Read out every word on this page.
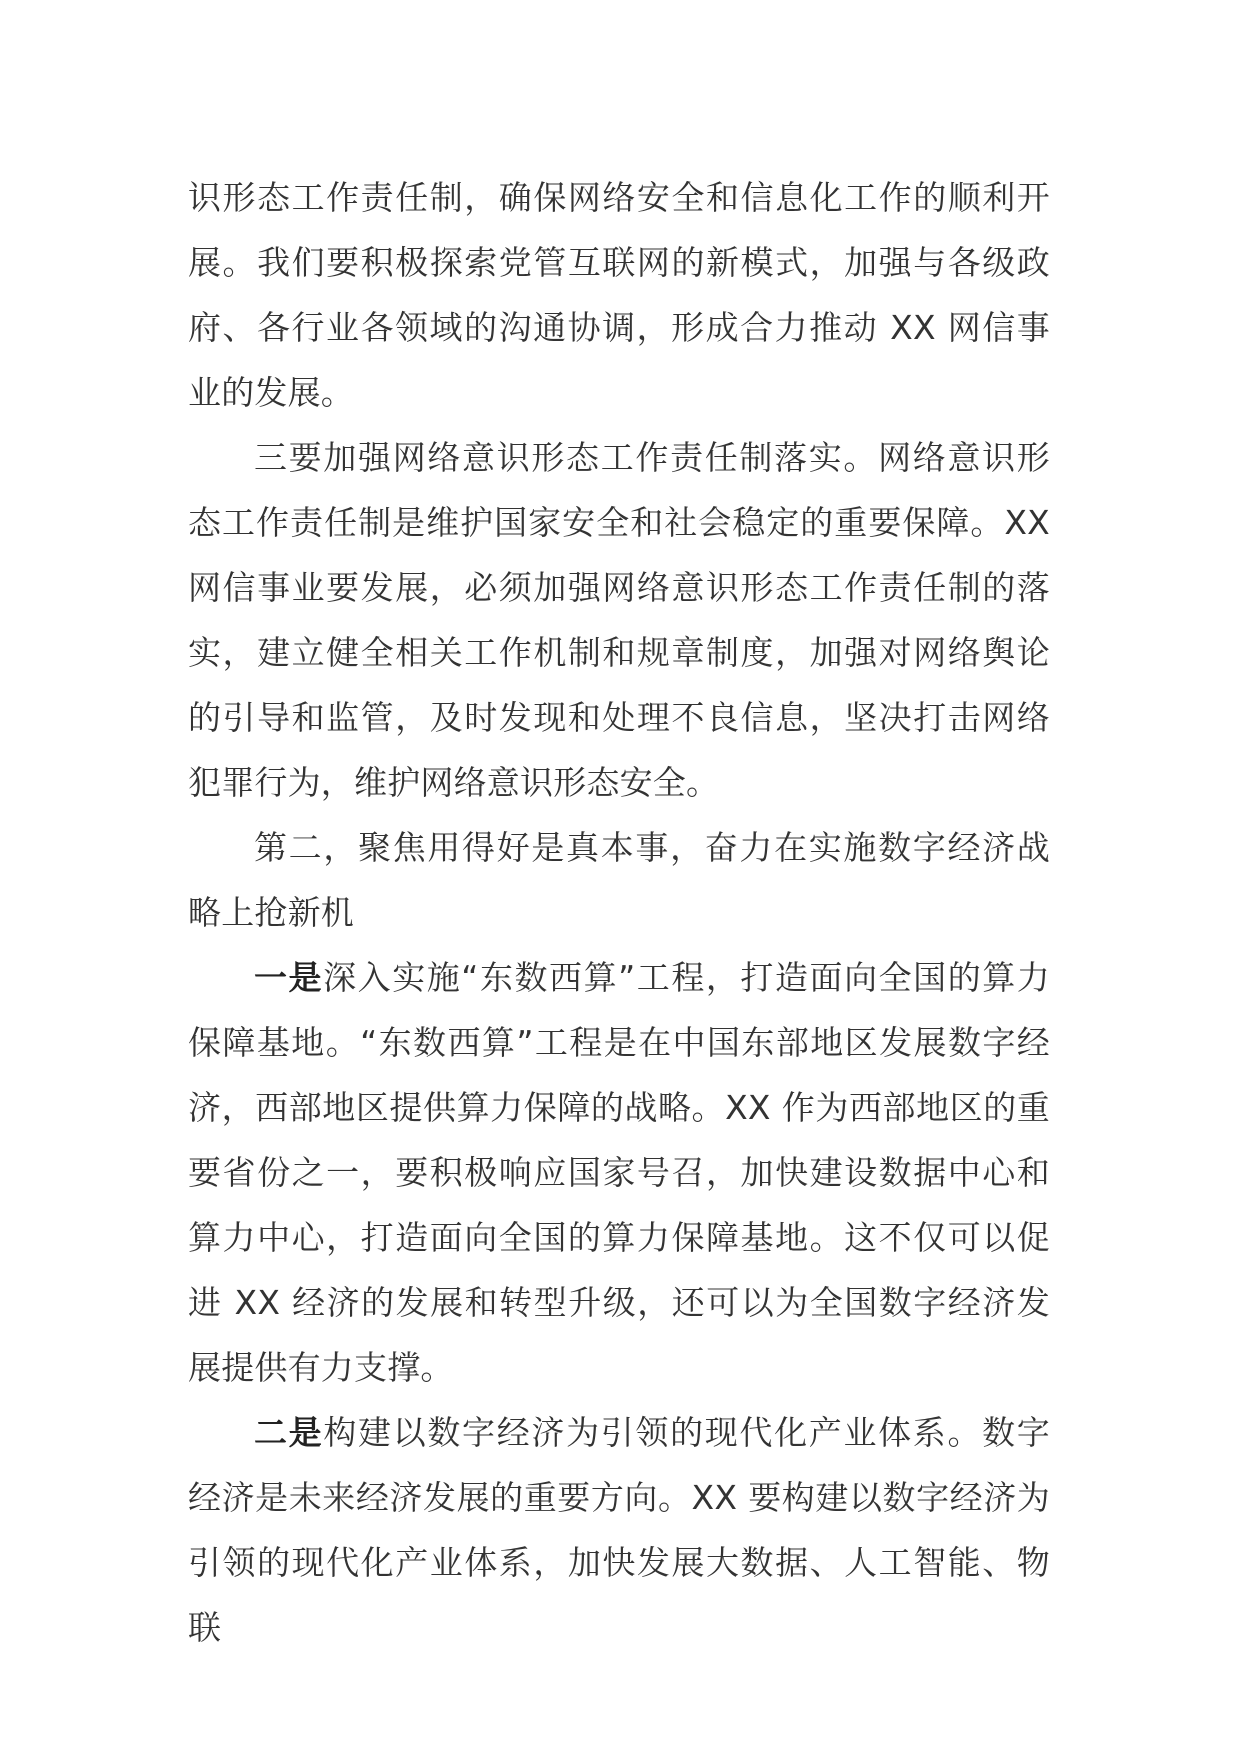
识形态工作责任制，确保网络安全和信息化工作的顺利开展。我们要积极探索党管互联网的新模式，加强与各级政府、各行业各领域的沟通协调，形成合力推动 XX 网信事业的发展。

三要加强网络意识形态工作责任制落实。网络意识形态工作责任制是维护国家安全和社会稳定的重要保障。XX 网信事业要发展，必须加强网络意识形态工作责任制的落实，建立健全相关工作机制和规章制度，加强对网络舆论的引导和监管，及时发现和处理不良信息，坚决打击网络犯罪行为，维护网络意识形态安全。

第二，聚焦用得好是真本事，奋力在实施数字经济战略上抢新机

一是深入实施“东数西算”工程，打造面向全国的算力保障基地。“东数西算”工程是在中国东部地区发展数字经济，西部地区提供算力保障的战略。XX 作为西部地区的重要省份之一，要积极响应国家号召，加快建设数据中心和算力中心，打造面向全国的算力保障基地。这不仅可以促进 XX 经济的发展和转型升级，还可以为全国数字经济发展提供有力支撑。

二是构建以数字经济为引领的现代化产业体系。数字经济是未来经济发展的重要方向。XX 要构建以数字经济为引领的现代化产业体系，加快发展大数据、人工智能、物联
